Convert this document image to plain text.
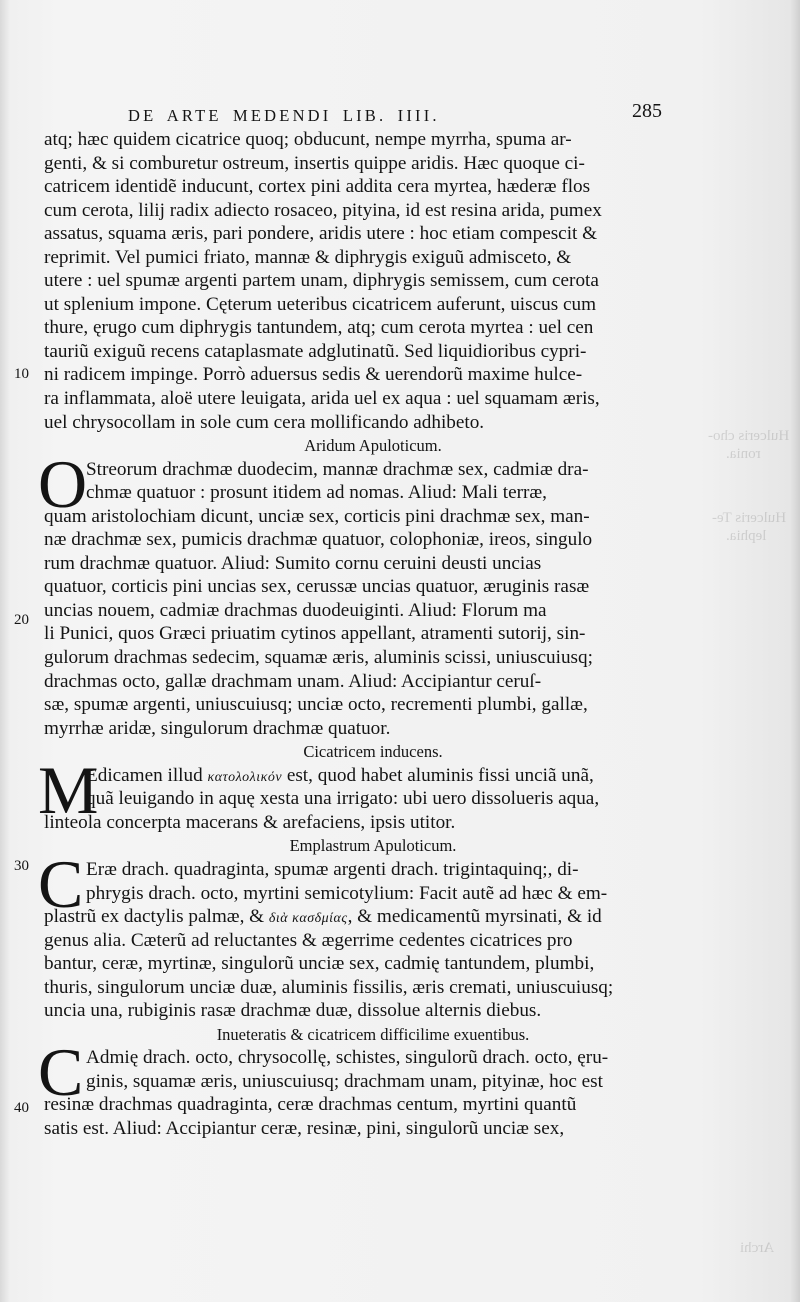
DE ARTE MEDENDI LIB. IIII.	285
10
20
30
40
Hulceris cho-
ronia.
Hulceris Te-
lephia.
Archi
atq; hæc quidem cicatrice quoq; obducunt, nempe myrrha, spuma ar-
genti, & si comburetur ostreum, insertis quippe aridis. Hæc quoque ci-
catricem identidẽ inducunt, cortex pini addita cera myrtea, hæderæ flos
cum cerota, lilij radix adiecto rosaceo, pityina, id est resina arida, pumex
assatus, squama æris, pari pondere, aridis utere : hoc etiam compescit &
reprimit. Vel pumici friato, mannæ & diphrygis exiguũ admisceto, &
utere : uel spumæ argenti partem unam, diphrygis semissem, cum cerota
ut splenium impone. Cęterum ueteribus cicatricem auferunt, uiscus cum
thure, ęrugo cum diphrygis tantundem, atq; cum cerota myrtea : uel cen
tauriũ exiguũ recens cataplasmate adglutinatũ. Sed liquidioribus cypri-
ni radicem impinge. Porrò aduersus sedis & uerendorũ maxime hulce-
ra inflammata, aloë utere leuigata, arida uel ex aqua : uel squamam æris,
uel chrysocollam in sole cum cera mollificando adhibeto.
Aridum Apuloticum.
O
Streorum drachmæ duodecim, mannæ drachmæ sex, cadmiæ dra-
chmæ quatuor : prosunt itidem ad nomas. Aliud: Mali terræ,
quam aristolochiam dicunt, unciæ sex, corticis pini drachmæ sex, man-
næ drachmæ sex, pumicis drachmæ quatuor, colophoniæ, ireos, singulo
rum drachmæ quatuor. Aliud: Sumito cornu ceruini deusti uncias
quatuor, corticis pini uncias sex, cerussæ uncias quatuor, æruginis rasæ
uncias nouem, cadmiæ drachmas duodeuiginti. Aliud: Florum ma
li Punici, quos Græci priuatim cytinos appellant, atramenti sutorij, sin-
gulorum drachmas sedecim, squamæ æris, aluminis scissi, uniuscuiusq;
drachmas octo, gallæ drachmam unam. Aliud: Accipiantur ceruſ-
sæ, spumæ argenti, uniuscuiusq; unciæ octo, recrementi plumbi, gallæ,
myrrhæ aridæ, singulorum drachmæ quatuor.
Cicatricem inducens.
M
Edicamen illud κατολολικόν est, quod habet aluminis fissi unciã unã,
quã leuigando in aquę xesta una irrigato: ubi uero dissolueris aqua,
linteola concerpta macerans & arefaciens, ipsis utitor.
Emplastrum Apuloticum.
C Eræ drach. quadraginta, spumæ argenti drach. trigintaquinq;, di-
phrygis drach. octo, myrtini semicotylium: Facit autẽ ad hæc & em-
plastrũ ex dactylis palmæ, & διὰ κασδμίας, & medicamentũ myrsinati, & id
genus alia. Cæterũ ad reluctantes & ægerrime cedentes cicatrices pro
bantur, ceræ, myrtinæ, singulorũ unciæ sex, cadmię tantundem, plumbi,
thuris, singulorum unciæ duæ, aluminis fissilis, æris cremati, uniuscuiusq;
uncia una, rubiginis rasæ drachmæ duæ, dissolue alternis diebus.
Inueteratis & cicatricem difficilime exuentibus.
C Admię drach. octo, chrysocollę, schistes, singulorũ drach. octo, ęru-
ginis, squamæ æris, uniuscuiusq; drachmam unam, pityinæ, hoc est
resinæ drachmas quadraginta, ceræ drachmas centum, myrtini quantũ
satis est. Aliud: Accipiantur ceræ, resinæ, pini, singulorũ unciæ sex,
